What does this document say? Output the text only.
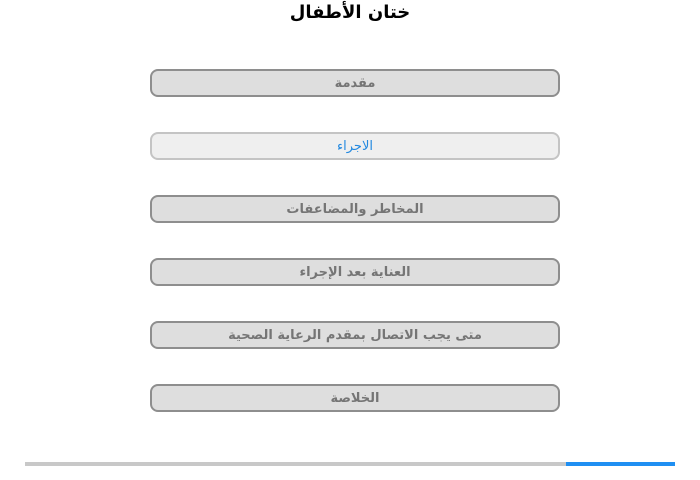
ختان الأطفال
مقدمة
الاجراء
المخاطر والمضاعفات
العناية بعد الإجراء
متى يجب الاتصال بمقدم الرعاية الصحية
الخلاصة
